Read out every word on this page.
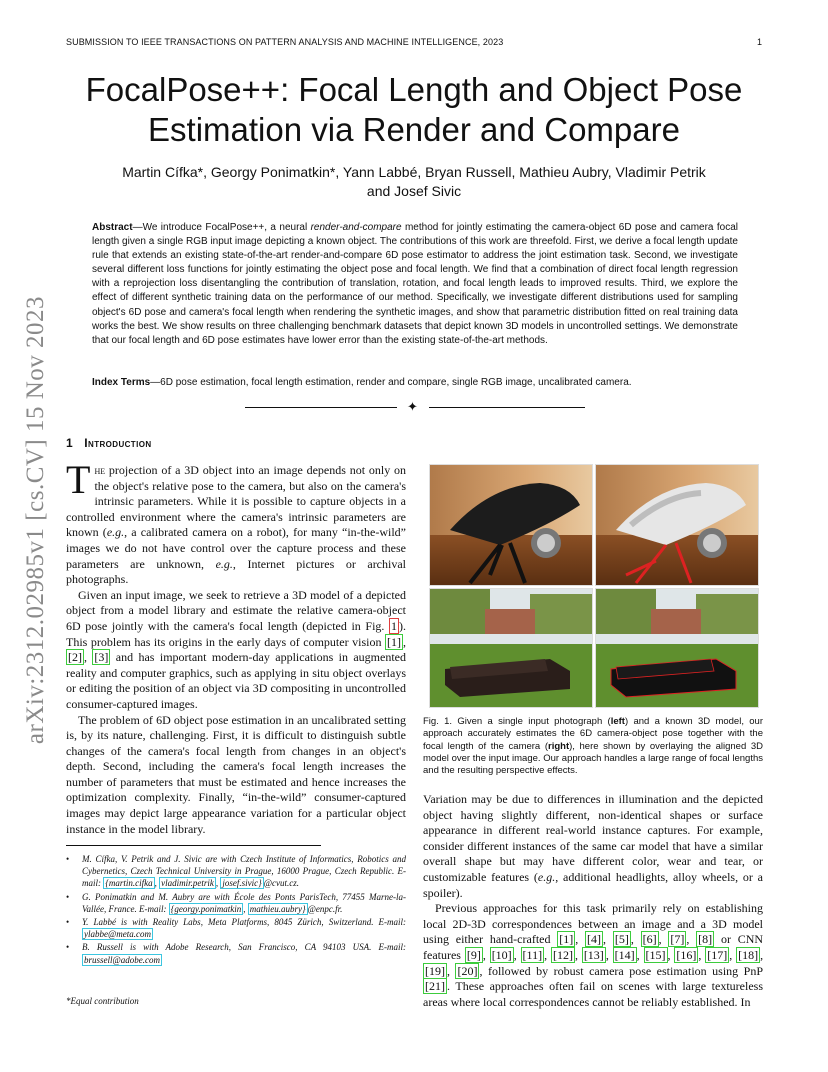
SUBMISSION TO IEEE TRANSACTIONS ON PATTERN ANALYSIS AND MACHINE INTELLIGENCE, 2023	1
arXiv:2312.02985v1 [cs.CV] 15 Nov 2023
FocalPose++: Focal Length and Object Pose
Estimation via Render and Compare
Martin Cífka*, Georgy Ponimatkin*, Yann Labbé, Bryan Russell, Mathieu Aubry, Vladimir Petrik
and Josef Sivic
Abstract—We introduce FocalPose++, a neural render-and-compare method for jointly estimating the camera-object 6D pose and camera focal length given a single RGB input image depicting a known object. The contributions of this work are threefold. First, we derive a focal length update rule that extends an existing state-of-the-art render-and-compare 6D pose estimator to address the joint estimation task. Second, we investigate several different loss functions for jointly estimating the object pose and focal length. We find that a combination of direct focal length regression with a reprojection loss disentangling the contribution of translation, rotation, and focal length leads to improved results. Third, we explore the effect of different synthetic training data on the performance of our method. Specifically, we investigate different distributions used for sampling object's 6D pose and camera's focal length when rendering the synthetic images, and show that parametric distribution fitted on real training data works the best. We show results on three challenging benchmark datasets that depict known 3D models in uncontrolled settings. We demonstrate that our focal length and 6D pose estimates have lower error than the existing state-of-the-art methods.
Index Terms—6D pose estimation, focal length estimation, render and compare, single RGB image, uncalibrated camera.
✦
1 Introduction

The projection of a 3D object into an image depends not only on the object's relative pose to the camera, but also on the camera's intrinsic parameters. While it is possible to capture objects in a controlled environment where the camera's intrinsic parameters are known (e.g., a calibrated camera on a robot), for many “in-the-wild” images we do not have control over the capture process and these parameters are unknown, e.g., Internet pictures or archival photographs.

Given an input image, we seek to retrieve a 3D model of a depicted object from a model library and estimate the relative camera-object 6D pose jointly with the camera's focal length (depicted in Fig. 1 ). This problem has its origins in the early days of computer vision [1] , [2] , [3] and has important modern-day applications in augmented reality and computer graphics, such as applying in situ object overlays or editing the position of an object via 3D compositing in uncontrolled consumer-captured images.

The problem of 6D object pose estimation in an uncalibrated setting is, by its nature, challenging. First, it is difficult to distinguish subtle changes of the camera's focal length from changes in an object's depth. Second, including the camera's focal length increases the number of parameters that must be estimated and hence increases the optimization complexity. Finally, “in-the-wild” consumer-captured images may depict large appearance variation for a particular object instance in the model library.

• M. Cífka, V. Petrik and J. Sivic are with Czech Institute of Informatics, Robotics and Cybernetics, Czech Technical University in Prague, 16000 Prague, Czech Republic. E-mail: {martin.cifka , vladimir.petrik , josef.sivic} @cvut.cz.
• G. Ponimatkin and M. Aubry are with École des Ponts ParisTech, 77455 Marne-la-Vallée, France. E-mail: {georgy.ponimatkin , mathieu.aubry} @enpc.fr.
• Y. Labbé is with Reality Labs, Meta Platforms, 8045 Zürich, Switzerland. E-mail: ylabbe@meta.com
• B. Russell is with Adobe Research, San Francisco, CA 94103 USA. E-mail: brussell@adobe.com
*Equal contribution
Fig. 1. Given a single input photograph (left) and a known 3D model, our approach accurately estimates the 6D camera-object pose together with the focal length of the camera (right), here shown by overlaying the aligned 3D model over the input image. Our approach handles a large range of focal lengths and the resulting perspective effects.

Variation may be due to differences in illumination and the depicted object having slightly different, non-identical shapes or surface appearance in different real-world instance captures. For example, consider different instances of the same car model that have a similar overall shape but may have different color, wear and tear, or customizable features (e.g., additional headlights, alloy wheels, or a spoiler).

Previous approaches for this task primarily rely on establishing local 2D-3D correspondences between an image and a 3D model using either hand-crafted [1] , [4] , [5] , [6] , [7] , [8] or CNN features [9] , [10] , [11] , [12] , [13] , [14] , [15] , [16] , [17] , [18] , [19] , [20] , followed by robust camera pose estimation using PnP [21] . These approaches often fail on scenes with large textureless areas where local correspondences cannot be reliably established. In
